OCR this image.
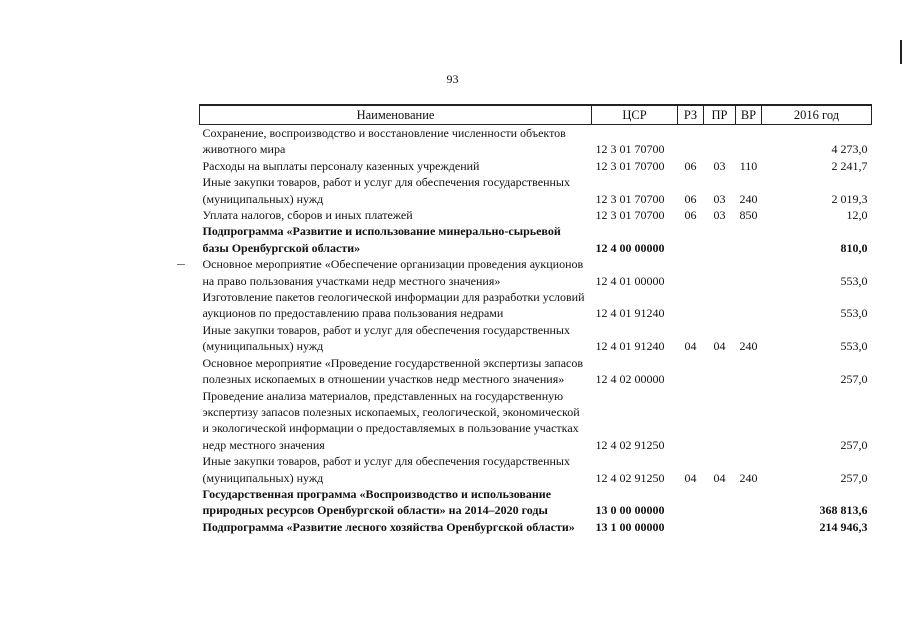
93
Наименование	ЦСР	РЗ	ПР	ВР	2016 год
Сохранение, воспроизводство и восстановление численности объектов животного мира	12 3 01 70700				4 273,0
Расходы на выплаты персоналу казенных учреждений	12 3 01 70700	06	03	110	2 241,7
Иные закупки товаров, работ и услуг для обеспечения государственных (муниципальных) нужд	12 3 01 70700	06	03	240	2 019,3
Уплата налогов, сборов и иных платежей	12 3 01 70700	06	03	850	12,0
Подпрограмма «Развитие и использование минерально-сырьевой базы Оренбургской области»	12 4 00 00000				810,0
Основное мероприятие «Обеспечение организации проведения аукционов на право пользования участками недр местного значения»	12 4 01 00000				553,0
Изготовление пакетов геологической информации для разработки условий аукционов по предоставлению права пользования недрами	12 4 01 91240				553,0
Иные закупки товаров, работ и услуг для обеспечения государственных (муниципальных) нужд	12 4 01 91240	04	04	240	553,0
Основное мероприятие «Проведение государственной экспертизы запасов полезных ископаемых в отношении участков недр местного значения»	12 4 02 00000				257,0
Проведение анализа материалов, представленных на государственную экспертизу запасов полезных ископаемых, геологической, экономической и экологической информации о предоставляемых в пользование участках недр местного значения	12 4 02 91250				257,0
Иные закупки товаров, работ и услуг для обеспечения государственных (муниципальных) нужд	12 4 02 91250	04	04	240	257,0
Государственная программа «Воспроизводство и использование природных ресурсов Оренбургской области» на 2014–2020 годы	13 0 00 00000				368 813,6
Подпрограмма «Развитие лесного хозяйства Оренбургской области»	13 1 00 00000				214 946,3
